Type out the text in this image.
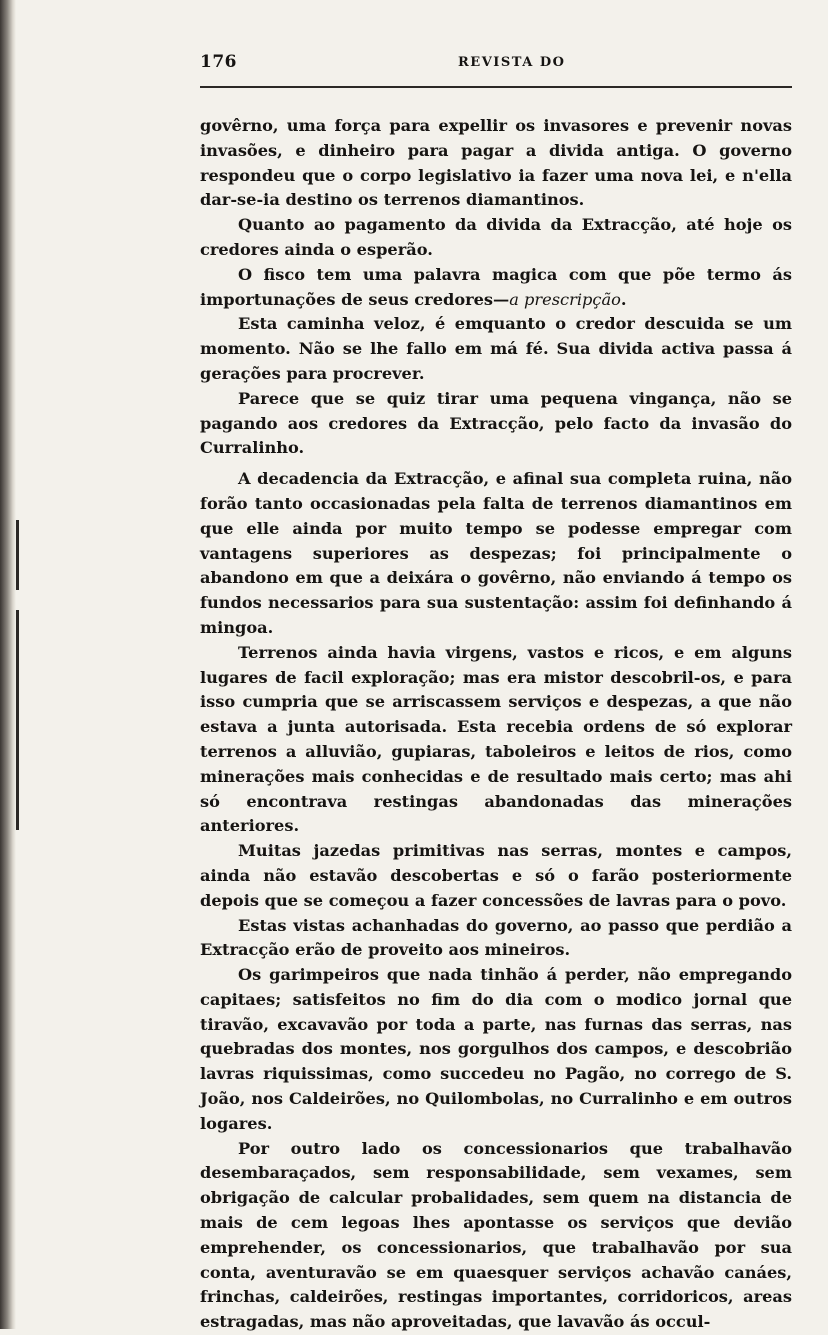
176	REVISTA DO

govêrno, uma força para expellir os invasores e prevenir novas invasões, e dinheiro para pagar a divida antiga. O governo respondeu que o corpo legislativo ia fazer uma nova lei, e n'ella dar-se-ia destino os terrenos diamantinos.

Quanto ao pagamento da divida da Extracção, até hoje os credores ainda o esperão.

O fisco tem uma palavra magica com que põe termo ás importunações de seus credores—a prescripção.

Esta caminha veloz, é emquanto o credor descuida se um momento. Não se lhe fallo em má fé. Sua divida activa passa á gerações para procrever.

Parece que se quiz tirar uma pequena vingança, não se pagando aos credores da Extracção, pelo facto da invasão do Curralinho.

A decadencia da Extracção, e afinal sua completa ruina, não forão tanto occasionadas pela falta de terrenos diamantinos em que elle ainda por muito tempo se podesse empregar com vantagens superiores as despezas; foi principalmente o abandono em que a deixára o govêrno, não enviando á tempo os fundos necessarios para sua sustentação: assim foi definhando á mingoa.

Terrenos ainda havia virgens, vastos e ricos, e em alguns lugares de facil exploração; mas era mistor descobril-os, e para isso cumpria que se arriscassem serviços e despezas, a que não estava a junta autorisada. Esta recebia ordens de só explorar terrenos a alluvião, gupiaras, taboleiros e leitos de rios, como minerações mais conhecidas e de resultado mais certo; mas ahi só encontrava restingas abandonadas das minerações anteriores.

Muitas jazedas primitivas nas serras, montes e campos, ainda não estavão descobertas e só o farão posteriormente depois que se começou a fazer concessões de lavras para o povo.

Estas vistas achanhadas do governo, ao passo que perdião a Extracção erão de proveito aos mineiros.

Os garimpeiros que nada tinhão á perder, não empregando capitaes; satisfeitos no fim do dia com o modico jornal que tiravão, excavavão por toda a parte, nas furnas das serras, nas quebradas dos montes, nos gorgulhos dos campos, e descobrião lavras riquissimas, como succedeu no Pagão, no corrego de S. João, nos Caldeirões, no Quilombolas, no Curralinho e em outros logares.

Por outro lado os concessionarios que trabalhavão desembaraçados, sem responsabilidade, sem vexames, sem obrigação de calcular probalidades, sem quem na distancia de mais de cem legoas lhes apontasse os serviços que devião emprehender, os concessionarios, que trabalhavão por sua conta, aventuravão se em quaesquer serviços achavão canáes, frinchas, caldeirões, restingas importantes, corridoricos, areas estragadas, mas não aproveitadas, que lavavão ás occul-
